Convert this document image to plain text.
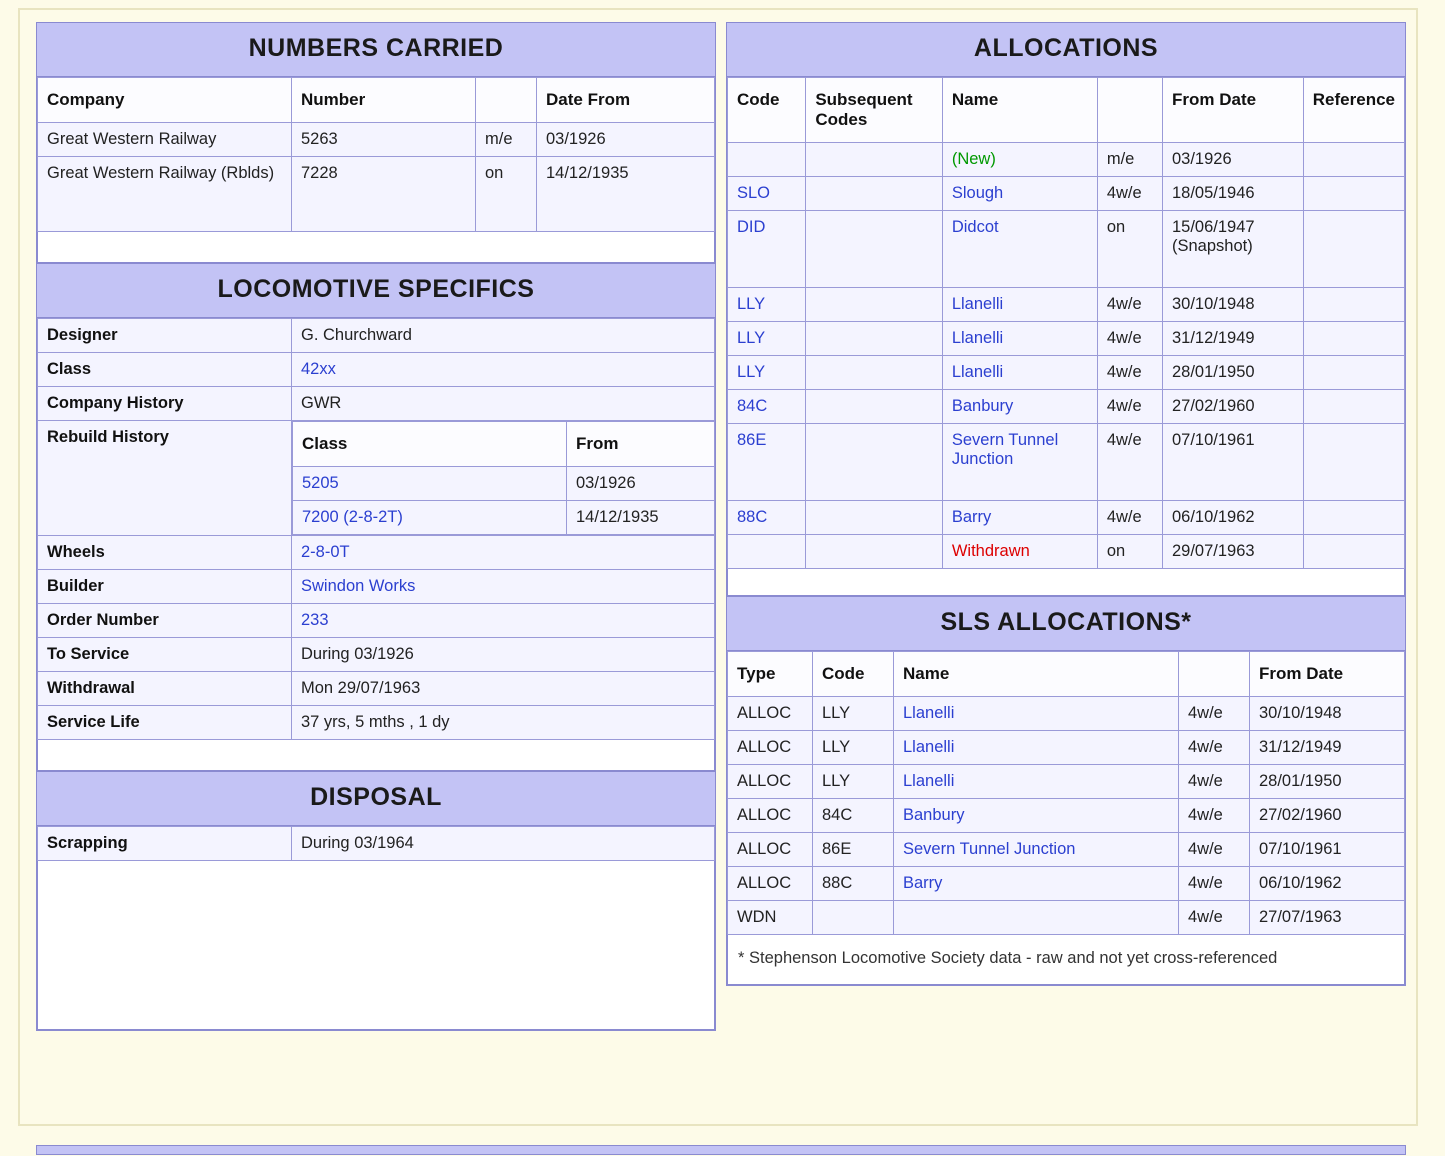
NUMBERS CARRIED
Company	Number		Date From
Great Western Railway	5263	m/e	03/1926
Great Western Railway (Rblds)	7228	on	14/12/1935
LOCOMOTIVE SPECIFICS
Designer	G. Churchward
Class	42xx
Company History	GWR
Rebuild History		Class	From
5205	03/1926
7200 (2-8-2T)	14/12/1935

Wheels	2-8-0T
Builder	Swindon Works
Order Number	233
To Service	During 03/1926
Withdrawal	Mon 29/07/1963
Service Life	37 yrs, 5 mths , 1 dy
DISPOSAL
Scrapping	During 03/1964
ALLOCATIONS
Code	Subsequent Codes	Name		From Date	Reference
		(New)	m/e	03/1926	
SLO		Slough	4w/e	18/05/1946	
DID		Didcot	on	15/06/1947 (Snapshot)	
LLY		Llanelli	4w/e	30/10/1948	
LLY		Llanelli	4w/e	31/12/1949	
LLY		Llanelli	4w/e	28/01/1950	
84C		Banbury	4w/e	27/02/1960	
86E		Severn Tunnel Junction	4w/e	07/10/1961	
88C		Barry	4w/e	06/10/1962	
		Withdrawn	on	29/07/1963	
SLS ALLOCATIONS*
Type	Code	Name		From Date
ALLOC	LLY	Llanelli	4w/e	30/10/1948
ALLOC	LLY	Llanelli	4w/e	31/12/1949
ALLOC	LLY	Llanelli	4w/e	28/01/1950
ALLOC	84C	Banbury	4w/e	27/02/1960
ALLOC	86E	Severn Tunnel Junction	4w/e	07/10/1961
ALLOC	88C	Barry	4w/e	06/10/1962
WDN			4w/e	27/07/1963
* Stephenson Locomotive Society data - raw and not yet cross-referenced
